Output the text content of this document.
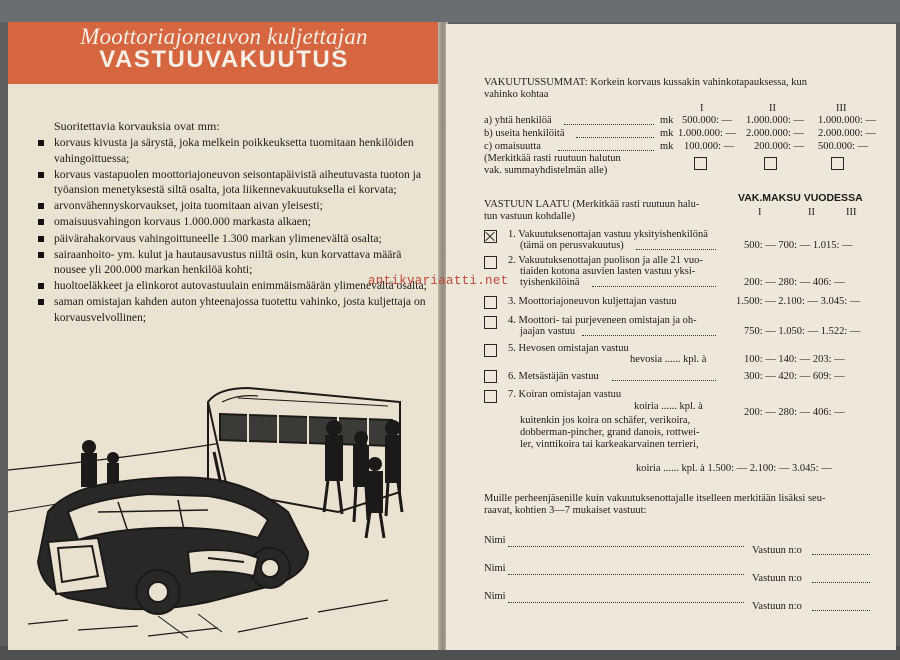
Moottoriajoneuvon kuljettajan
VASTUUVAKUUTUS
Suoritettavia korvauksia ovat mm:
korvaus kivusta ja särystä, joka melkein poikkeuksetta tuomitaan henkilöiden vahingoittuessa;
korvaus vastapuolen moottoriajoneuvon seisontapäivistä aiheutuvasta tuoton ja työansion menetyksestä siltä osalta, jota liikennevakuutuksella ei korvata;
arvonvähennyskorvaukset, joita tuomitaan aivan yleisesti;
omaisuusvahingon korvaus 1.000.000 markasta alkaen;
päivärahakorvaus vahingoittuneelle 1.300 markan ylimenevältä osalta;
sairaanhoito- ym. kulut ja hautausavustus niiltä osin, kun korvattava määrä nousee yli 200.000 markan henkilöä kohti;
huoltoeläkkeet ja elinkorot autovastuulain enimmäismäärän ylimenevältä osalta;
saman omistajan kahden auton yhteenajossa tuotettu vahinko, josta kuljettaja on korvausvelvollinen;
VAKUUTUSSUMMAT: Korkein korvaus kussakin vahinkotapauksessa, kun
vahinko kohtaa
I	II	III
a) yhtä henkilöä	mk 500.000: — 1.000.000: — 1.000.000: —
b) useita henkilöitä	mk 1.000.000: — 2.000.000: — 2.000.000: —
c) omaisuutta	mk 100.000: — 200.000: — 500.000: —
(Merkitkää rasti ruutuun halutun
vak. summayhdistelmän alle)
VAK.MAKSU VUODESSA
VASTUUN LAATU (Merkitkää rasti ruutuun halu-
tun vastuun kohdalle)	I	II	III
1. Vakuutuksenottajan vastuu yksityishenkilönä
(tämä on perusvakuutus)	500: — 700: — 1.015: —
2. Vakuutuksenottajan puolison ja alle 21 vuo-
tiaiden kotona asuvien lasten vastuu yksi-
tyishenkilöinä	200: — 280: — 406: —
3. Moottoriajoneuvon kuljettajan vastuu	1.500: — 2.100: — 3.045: —
4. Moottori- tai purjeveneen omistajan ja oh-
jaajan vastuu	750: — 1.050: — 1.522: —
5. Hevosen omistajan vastuu
hevosia ...... kpl. à	100: — 140: — 203: —
6. Metsästäjän vastuu	300: — 420: — 609: —
7. Koiran omistajan vastuu
koiria ...... kpl. à
200: — 280: — 406: —
kuitenkin jos koira on schäfer, verikoira,
dobberman-pincher, grand danois, rottwei-
ler, vinttikoira tai karkeakarvainen terrieri,
koiria ...... kpl. à 1.500: — 2.100: — 3.045: —
Muille perheenjäsenille kuin vakuutuksenottajalle itselleen merkitään lisäksi seu-
raavat, kohtien 3—7 mukaiset vastuut:
Nimi
Vastuun n:o
Nimi
Vastuun n:o
Nimi
Vastuun n:o
antikvariaatti.net
